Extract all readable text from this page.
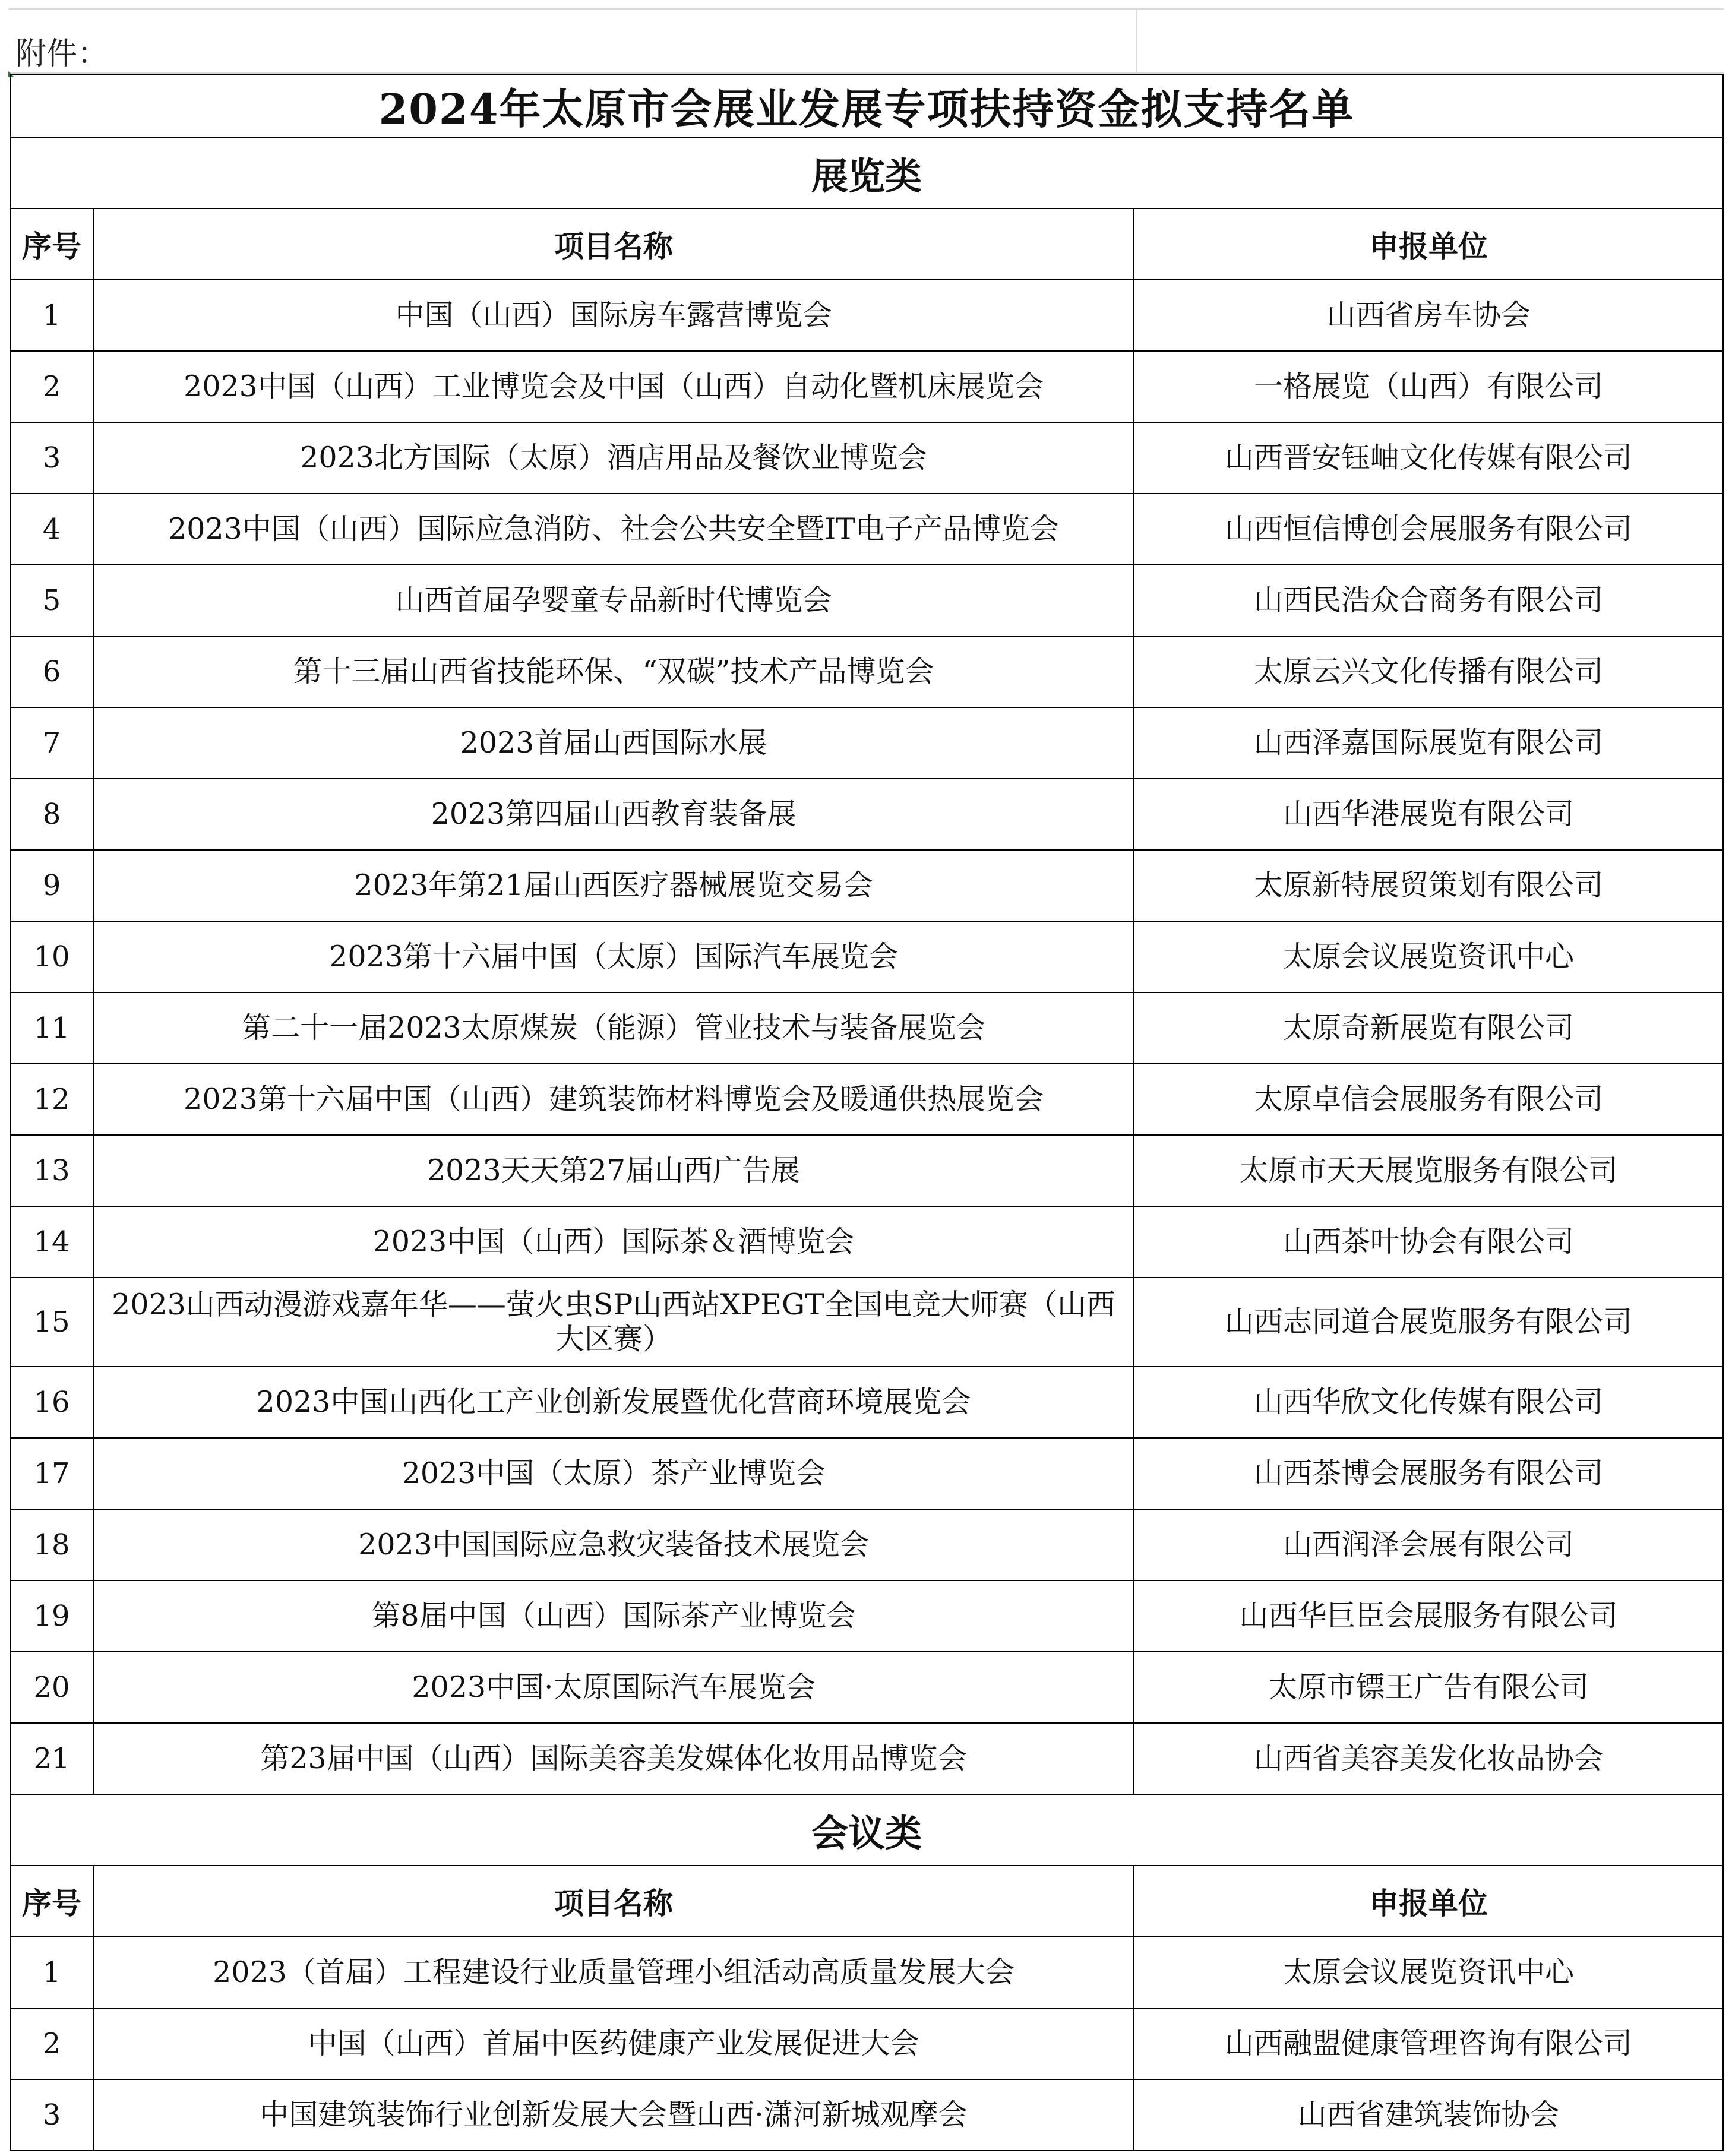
附件：
2024年太原市会展业发展专项扶持资金拟支持名单		
展览类		
序号	项目名称	申报单位
1	中国（山西）国际房车露营博览会	山西省房车协会
2	2023中国（山西）工业博览会及中国（山西）自动化暨机床展览会	一格展览（山西）有限公司
3	2023北方国际（太原）酒店用品及餐饮业博览会	山西晋安钰岫文化传媒有限公司
4	2023中国（山西）国际应急消防、社会公共安全暨IT电子产品博览会	山西恒信博创会展服务有限公司
5	山西首届孕婴童专品新时代博览会	山西民浩众合商务有限公司
6	第十三届山西省技能环保、“双碳”技术产品博览会	太原云兴文化传播有限公司
7	2023首届山西国际水展	山西泽嘉国际展览有限公司
8	2023第四届山西教育装备展	山西华港展览有限公司
9	2023年第21届山西医疗器械展览交易会	太原新特展贸策划有限公司
10	2023第十六届中国（太原）国际汽车展览会	太原会议展览资讯中心
11	第二十一届2023太原煤炭（能源）管业技术与装备展览会	太原奇新展览有限公司
12	2023第十六届中国（山西）建筑装饰材料博览会及暖通供热展览会	太原卓信会展服务有限公司
13	2023天天第27届山西广告展	太原市天天展览服务有限公司
14	2023中国（山西）国际茶＆酒博览会	山西茶叶协会有限公司
15	2023山西动漫游戏嘉年华——萤火虫SP山西站XPEGT全国电竞大师赛（山西大区赛）	山西志同道合展览服务有限公司
16	2023中国山西化工产业创新发展暨优化营商环境展览会	山西华欣文化传媒有限公司
17	2023中国（太原）茶产业博览会	山西茶博会展服务有限公司
18	2023中国国际应急救灾装备技术展览会	山西润泽会展有限公司
19	第8届中国（山西）国际茶产业博览会	山西华巨臣会展服务有限公司
20	2023中国·太原国际汽车展览会	太原市镖王广告有限公司
21	第23届中国（山西）国际美容美发媒体化妆用品博览会	山西省美容美发化妆品协会
会议类		
序号	项目名称	申报单位
1	2023（首届）工程建设行业质量管理小组活动高质量发展大会	太原会议展览资讯中心
2	中国（山西）首届中医药健康产业发展促进大会	山西融盟健康管理咨询有限公司
3	中国建筑装饰行业创新发展大会暨山西·潇河新城观摩会	山西省建筑装饰协会
